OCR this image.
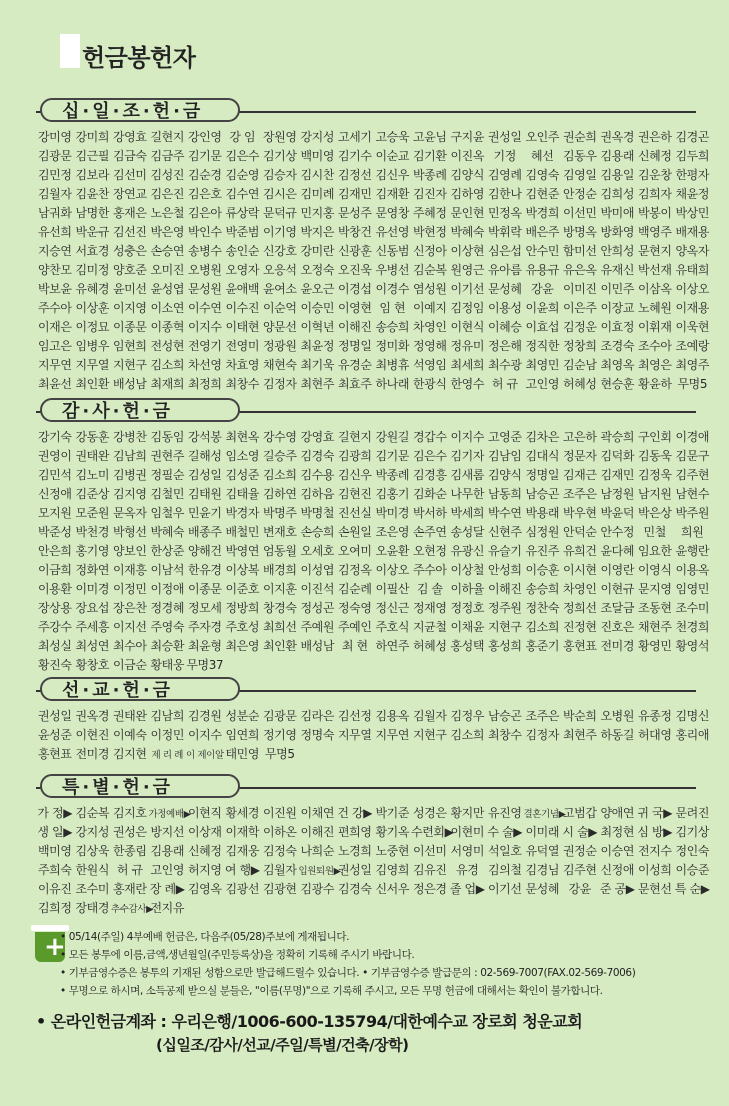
헌금봉헌자
십·일·조·헌·금
강미영 강미희 강영효 길현지 강인영 강 임 장원영 강지성 고세기 고승욱 고윤님 구지윤 권성일 오인주 권순희 권옥경 권은하 김경곤
김광문 김근필 김금숙 김금주 김기문 김은수 김기상 백미영 김기수 이순교 김기환 이진옥 기정 혜선 김동우 김용래 신혜정 김두희
김민정 김보라 김선미 김성진 김순경 김순영 김승자 김시찬 김정선 김신우 박종례 김양식 김영례 김영숙 김영일 김용일 김운창 한평자
김월자 김윤찬 장연교 김은진 김은호 김수연 김시은 김미례 김재민 김재환 김진자 김하영 김한나 김현준 안정순 김희성 김희자 채윤정
남궈화 남명한 홍재은 노은철 김은아 류상락 문덕규 민지홍 문성주 문영창 주혜정 문인현 민정옥 박경희 이선민 박미애 박봉이 박상민
유선희 박운규 김선진 박은영 박인수 박준범 이기영 박지은 박창건 유선영 박현정 박혜숙 박휘락 배은주 방명옥 방화영 백영주 배재용
지승연 서효경 성충은 손승연 송병수 송인순 신강호 강미란 신광훈 신동범 신정아 이상현 심은섭 안수민 함미선 안희성 문현지 양옥자
양찬모 김미정 양호준 오미진 오병원 오영자 오응석 오정숙 오진욱 우병선 김순복 원영근 유아름 유용규 유은옥 유재신 박선재 유태희
박보윤 유혜경 윤미선 윤성엽 문성원 윤애백 윤여소 윤오근 이경섭 이경수 염성원 이기선 문성혜 강윤 이미진 이민주 이삼옥 이상오
주수아 이상훈 이지영 이소연 이수연 이수진 이순억 이승민 이영현 임 현 이예지 김정임 이용성 이윤희 이은주 이장교 노혜원 이재용
이재은 이정묘 이종문 이종혁 이지수 이태현 양문선 이혁년 이해진 송승희 차영인 이현식 이혜승 이효섭 김정운 이효정 이휘재 이욱현
임고은 임병우 임현희 전성현 전영기 전영미 정광원 최윤정 정명일 정미화 정영해 정유미 정은해 정직한 정창희 조경숙 조수아 조예랑
지무연 지무열 지현구 김소희 차선영 차효영 채현숙 최기욱 유경순 최병휴 석영임 최세희 최수광 최영민 김순남 최영옥 최영은 최영주
최윤선 최인환 배성남 최재희 최정희 최창수 김정자 최현주 최효주 하나래 한광식 한영수 허 규 고인영 허혜성 현승훈 황윤하 무명5
감·사·헌·금
강기숙 강동훈 강병찬 김동임 강석봉 최현옥 강수영 강영효 길현지 강원길 경갑수 이지수 고영준 김차은 고은하 곽승희 구인회 이경애
권영이 권태완 김남희 권현주 길해성 임소영 길승주 김경숙 김광희 김기문 김은수 김기자 김남임 김대식 정문자 김덕화 김동욱 김문구
김민석 김노미 김병권 정필순 김성일 김성준 김소희 김수용 김신우 박종례 김경흥 김새롬 김양식 정명일 김재근 김재민 김정욱 김주현
신정애 김준상 김지영 김철민 김태원 김태율 김하연 김하음 김현진 김홍기 김화순 나무한 남동희 남승곤 조주은 남정원 남지원 남현수
모지원 모준원 문옥자 임철우 민윤기 박경자 박명주 박명철 진선실 박미경 박서하 박세희 박수연 박용래 박우현 박윤덕 박은상 박주원
박준성 박천경 박형선 박혜숙 배종주 배철민 변재호 손승희 손원일 조은영 손주연 송성달 신현주 심정원 안덕순 안수정 민철 희원
안은희 홍기영 양보인 한상준 양해건 박영연 엄동월 오세호 오여미 오윤환 오현정 유광신 유슬기 유진주 유희건 윤다혜 임요한 윤행란
이금희 정화연 이재흥 이남석 한유경 이상복 배경희 이성엽 김정옥 이상오 주수아 이상철 안성희 이승훈 이시현 이영란 이영식 이용옥
이용환 이미경 이정민 이정애 이종문 이준호 이지훈 이진석 김순례 이필산 김 솔 이하율 이해진 송승희 차영인 이현규 문지영 임영민
장상용 장요섭 장은찬 정경혜 정모세 정방희 창경숙 정성곤 정숙영 정신근 정재영 정정호 정주원 정찬숙 정희선 조달금 조동현 조수미
주강수 주세흥 이지선 주영숙 주자경 주호성 최희선 주예원 주예인 주호식 지균철 이채윤 지현구 김소희 진정현 진호은 채현주 천경희
최성실 최성연 최수아 최승환 최윤형 최은영 최인환 배성남 최 현 하연주 허혜성 홍성택 홍성희 홍준기 홍현표 전미경 황영민 황영석
황진숙 황창호 이금순 황태웅 무명37
선·교·헌·금
권성일 권옥경 권태완 김남희 김경원 성분순 김광문 김라은 김선정 김용옥 김월자 김정우 남승곤 조주은 박순희 오병원 유종정 김명신
윤성준 이현진 이예숙 이정민 이지수 임연희 정기영 정명숙 지무열 지무연 지현구 김소희 최창수 김정자 최현주 하동길 허대영 홍리애
홍현표 전미경 김지현 제 리 례 이 제이알 태민영 무명5
특·별·헌·금
가 정▶ 김순복 김지호 가정예배▶이현직 황세경 이진원 이채연 건 강▶ 박기준 성경은 황지만 유진영 결혼기념▶고범갑 양애연 귀 국▶ 문려진
생 일▶ 강지성 권성은 방지선 이상재 이재학 이하온 이해진 편희영 황기옥 수련회▶이현미 수 술▶ 이미래 시 술▶ 최정현 심 방▶ 김기상
백미영 김상욱 한종림 김용래 신혜정 김재웅 김정숙 나희순 노경희 노중현 이선미 서영미 석일호 유덕열 권정순 이승연 전지수 정인숙
주희숙 한원식 허 규 고인영 허지영 여 행▶ 김월자 입원퇴원▶권성일 김영희 김유진 유경 김의철 김경님 김주현 신정애 이성희 이승준
이유진 조수미 홍재란 장 례▶ 김영옥 김광선 김광현 김광수 김경숙 신서우 정은경 졸 업▶ 이기선 문성혜 강윤 준 공▶ 문현선 특 순▶
김희정 장태경 추수감사▶전지유
+
• 05/14(주일) 4부예배 헌금은, 다음주(05/28)주보에 게재됩니다.
• 모든 봉투에 이름,금액,생년월일(주민등록상)을 정확히 기록해 주시기 바랍니다.
• 기부금영수증은 봉투의 기재된 성함으로만 발급해드릴수 있습니다. • 기부금영수증 발급문의 : 02-569-7007(FAX.02-569-7006)
• 무명으로 하시며, 소득공제 받으실 분들은, "이름(무명)"으로 기록해 주시고, 모든 무명 헌금에 대해서는 확인이 불가합니다.
• 온라인헌금계좌 : 우리은행/1006-600-135794/대한예수교 장로회 청운교회
(십일조/감사/선교/주일/특별/건축/장학)
